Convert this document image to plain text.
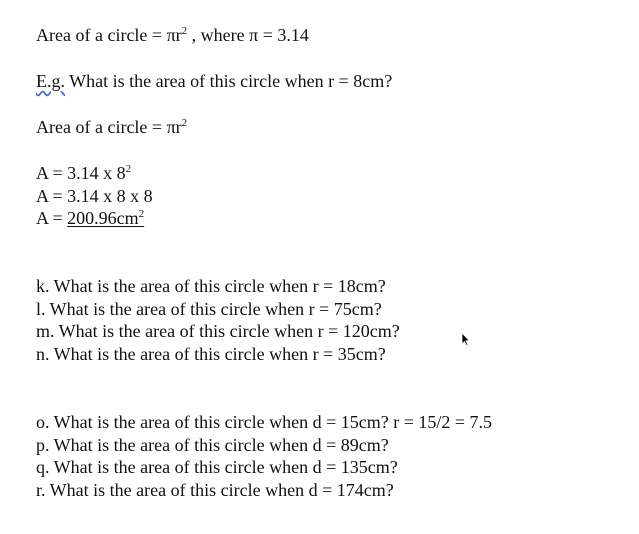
Area of a circle = $\pi r^2$ , where π = 3.14
E.g. What is the area of this circle when r = 8cm?
Area of a circle = $\pi r^2$
A = 3.14 x $8^2$
A = 3.14 x 8 x 8
$A = 200.96cm^2$
k. What is the area of this circle when r = 18cm?
l. What is the area of this circle when r = 75cm?
m. What is the area of this circle when r = 120cm?
n. What is the area of this circle when r = 35cm?
o. What is the area of this circle when d = 15cm? r = 15/2 = 7.5
p. What is the area of this circle when d = 89cm?
q. What is the area of this circle when d = 135cm?
r. What is the area of this circle when d = 174cm?
